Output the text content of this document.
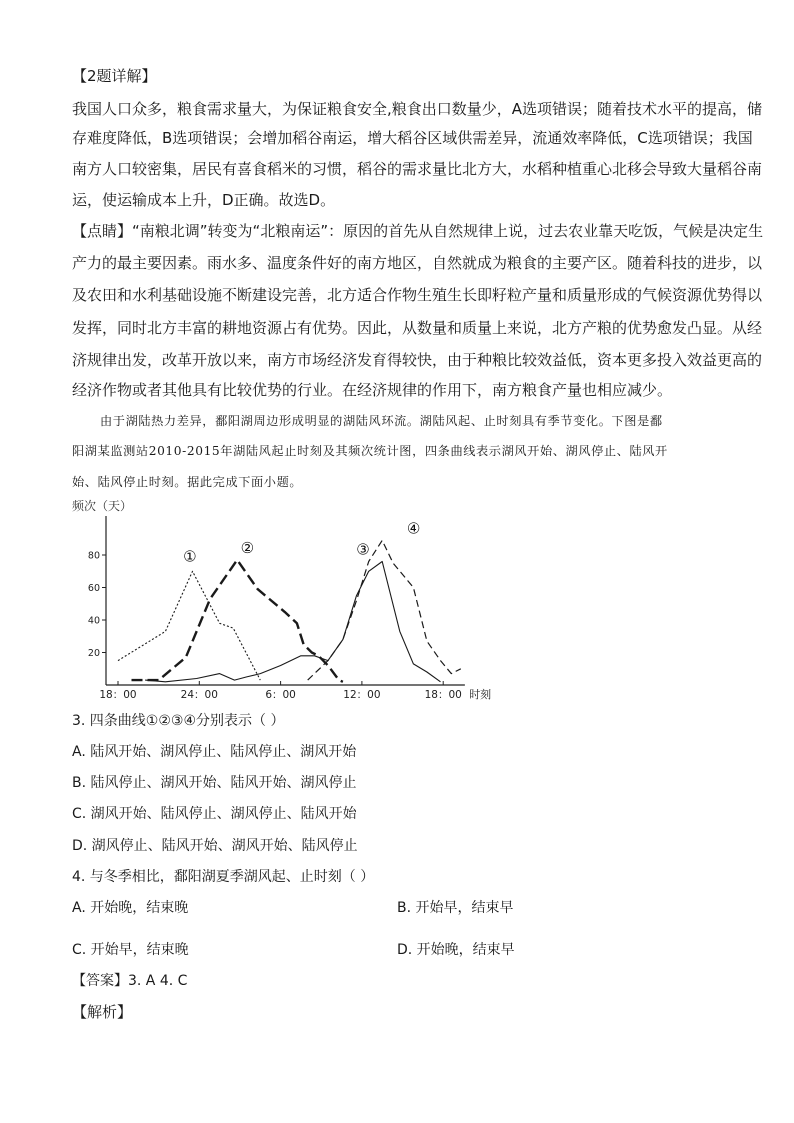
【2题详解】
我国人口众多，粮食需求量大，为保证粮食安全,粮食出口数量少，A选项错误；随着技术水平的提高，储
存难度降低，B选项错误；会增加稻谷南运，增大稻谷区域供需差异，流通效率降低，C选项错误；我国
南方人口较密集，居民有喜食稻米的习惯，稻谷的需求量比北方大，水稻种植重心北移会导致大量稻谷南
运，使运输成本上升，D正确。故选D。
【点睛】“南粮北调”转变为“北粮南运”：原因的首先从自然规律上说，过去农业靠天吃饭，气候是决定生
产力的最主要因素。雨水多、温度条件好的南方地区，自然就成为粮食的主要产区。随着科技的进步，以
及农田和水利基础设施不断建设完善，北方适合作物生殖生长即籽粒产量和质量形成的气候资源优势得以
发挥，同时北方丰富的耕地资源占有优势。因此，从数量和质量上来说，北方产粮的优势愈发凸显。从经
济规律出发，改革开放以来，南方市场经济发育得较快，由于种粮比较效益低，资本更多投入效益更高的
经济作物或者其他具有比较优势的行业。在经济规律的作用下，南方粮食产量也相应减少。
由于湖陆热力差异，鄱阳湖周边形成明显的湖陆风环流。湖陆风起、止时刻具有季节变化。下图是鄱
阳湖某监测站2010-2015年湖陆风起止时刻及其频次统计图，四条曲线表示湖风开始、湖风停止、陆风开
始、陆风停止时刻。据此完成下面小题。
频次（天）
20
40
60
80
18：00	24：00	6：00	12：00	18：00 时刻
①	②	③
④
3. 四条曲线①②③④分别表示（ ）
A. 陆风开始、湖风停止、陆风停止、湖风开始
B. 陆风停止、湖风开始、陆风开始、湖风停止
C. 湖风开始、陆风停止、湖风停止、陆风开始
D. 湖风停止、陆风开始、湖风开始、陆风停止
4. 与冬季相比，鄱阳湖夏季湖风起、止时刻（ ）
A. 开始晚，结束晚	B. 开始早，结束早
C. 开始早，结束晚	D. 开始晚，结束早
【答案】3. A 4. C
【解析】
